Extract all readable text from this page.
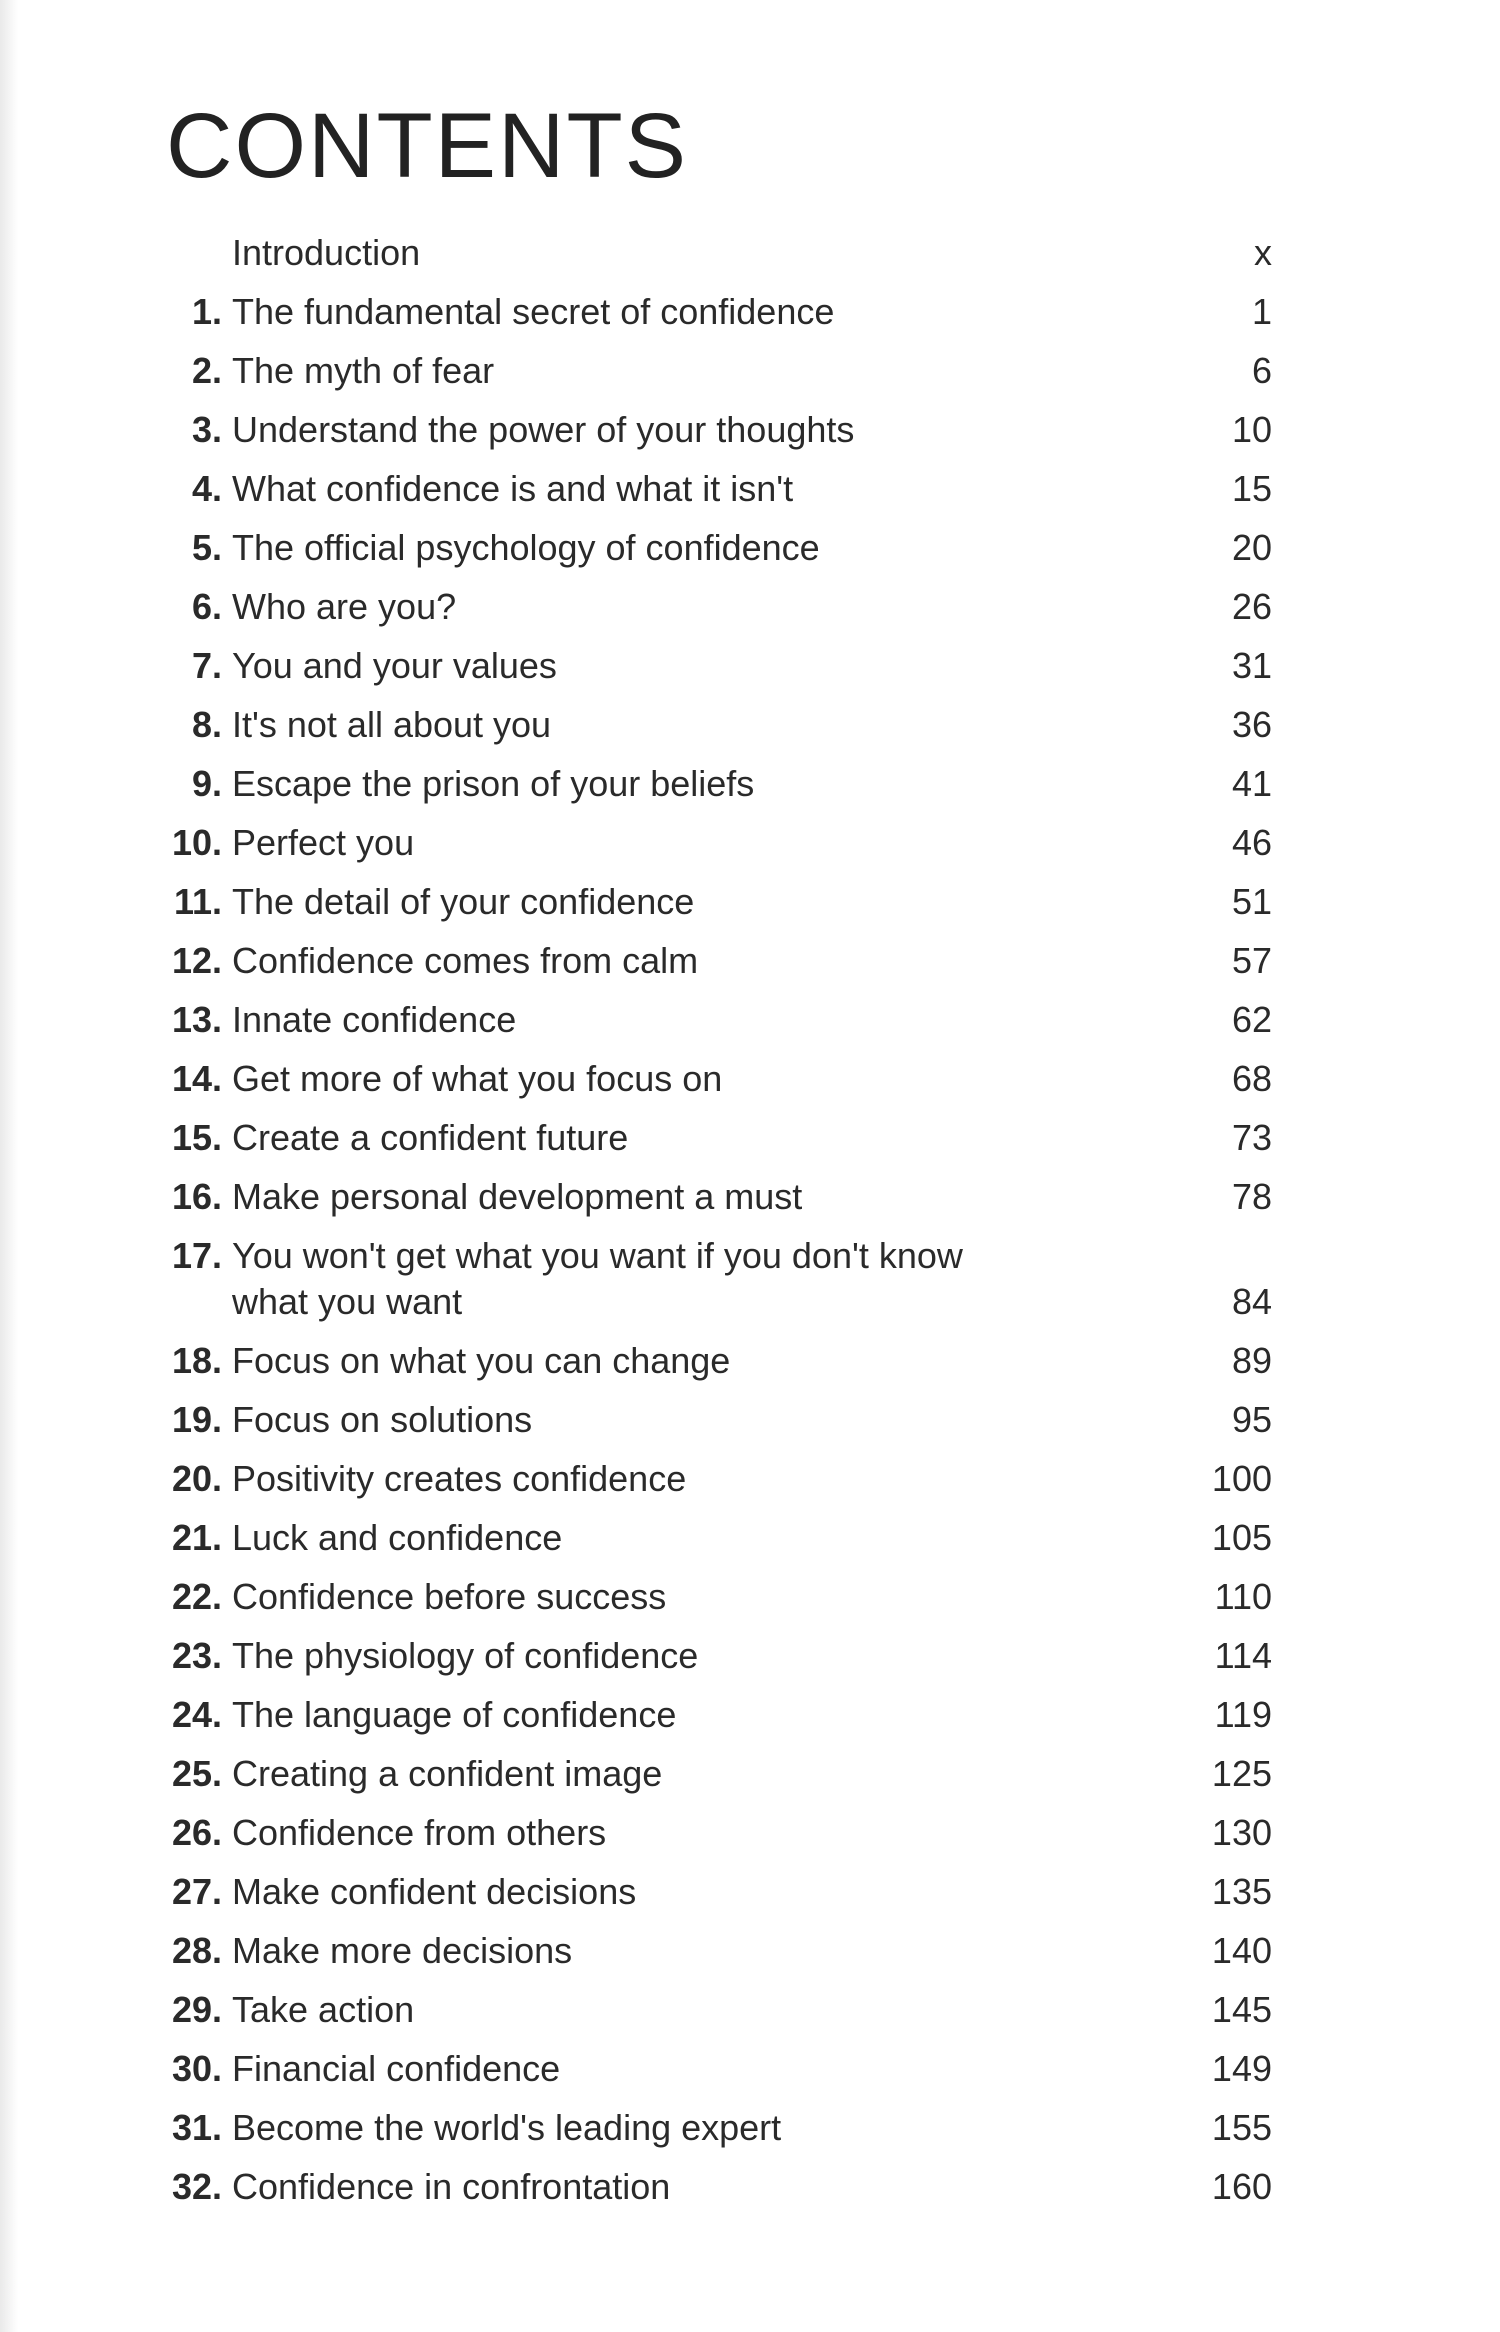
CONTENTS
Introduction	x
1. The fundamental secret of confidence	1
2. The myth of fear	6
3. Understand the power of your thoughts	10
4. What confidence is and what it isn't	15
5. The official psychology of confidence	20
6. Who are you?	26
7. You and your values	31
8. It's not all about you	36
9. Escape the prison of your beliefs	41
10. Perfect you	46
11. The detail of your confidence	51
12. Confidence comes from calm	57
13. Innate confidence	62
14. Get more of what you focus on	68
15. Create a confident future	73
16. Make personal development a must	78
17. You won't get what you want if you don't know what you want	84
18. Focus on what you can change	89
19. Focus on solutions	95
20. Positivity creates confidence	100
21. Luck and confidence	105
22. Confidence before success	110
23. The physiology of confidence	114
24. The language of confidence	119
25. Creating a confident image	125
26. Confidence from others	130
27. Make confident decisions	135
28. Make more decisions	140
29. Take action	145
30. Financial confidence	149
31. Become the world's leading expert	155
32. Confidence in confrontation	160
